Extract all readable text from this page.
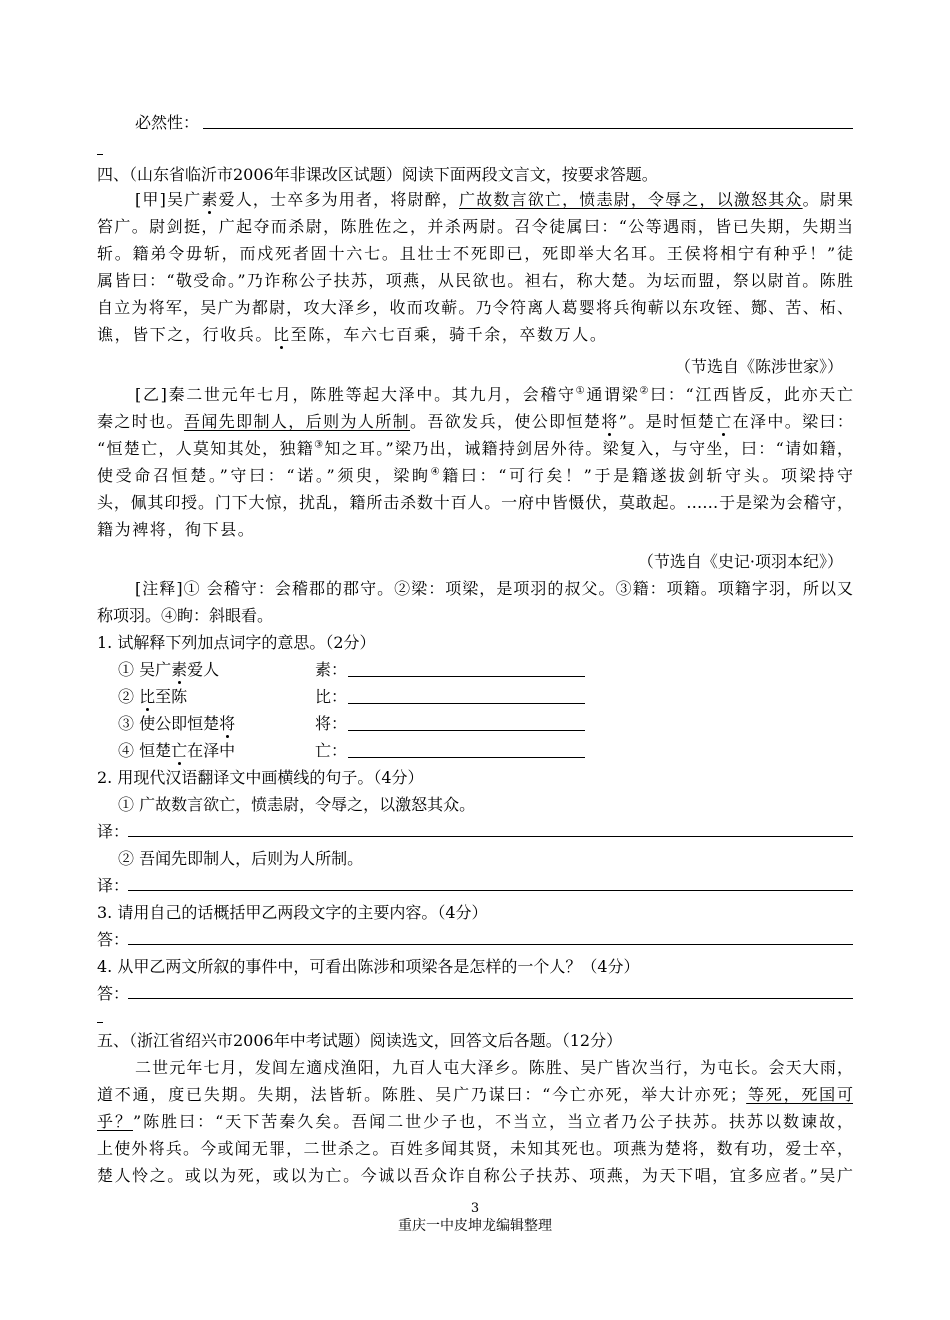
必然性：
四、（山东省临沂市2006年非课改区试题）阅读下面两段文言文，按要求答题。
[甲]吴广素爱人，士卒多为用者，将尉醉，广故数言欲亡，愤恚尉，令辱之，以激怒其众。尉果
笞广。尉剑挺，广起夺而杀尉，陈胜佐之，并杀两尉。召令徒属曰：“公等遇雨，皆已失期，失期当
斩。籍弟令毋斩，而戍死者固十六七。且壮士不死即已，死即举大名耳。王侯将相宁有种乎！”徒
属皆曰：“敬受命。”乃诈称公子扶苏，项燕，从民欲也。袒右，称大楚。为坛而盟，祭以尉首。陈胜
自立为将军，吴广为都尉，攻大泽乡，收而攻蕲。乃令符离人葛婴将兵徇蕲以东攻铚、酂、苦、柘、
谯，皆下之，行收兵。比至陈，车六七百乘，骑千余，卒数万人。
（节选自《陈涉世家》）
[乙]秦二世元年七月，陈胜等起大泽中。其九月，会稽守①通谓梁②曰：“江西皆反，此亦天亡
秦之时也。吾闻先即制人，后则为人所制。吾欲发兵，使公即恒楚将”。是时恒楚亡在泽中。梁曰：
“恒楚亡，人莫知其处，独籍③知之耳。”梁乃出，诫籍持剑居外待。梁复入，与守坐，曰：“请如籍，
使受命召恒楚。”守曰：“诺。”须臾，梁眴④籍曰：“可行矣！”于是籍遂拔剑斩守头。项梁持守
头，佩其印授。门下大惊，扰乱，籍所击杀数十百人。一府中皆慑伏，莫敢起。……于是梁为会稽守，
籍为裨将，徇下县。
（节选自《史记·项羽本纪》）
[注释]① 会稽守：会稽郡的郡守。②梁：项梁，是项羽的叔父。③籍：项籍。项籍字羽，所以又
称项羽。④眴：斜眼看。
1. 试解释下列加点词字的意思。（2分）
① 吴广素爱人	素：
② 比至陈	比：
③ 使公即恒楚将	将：
④ 恒楚亡在泽中	亡：
2. 用现代汉语翻译文中画横线的句子。（4分）
① 广故数言欲亡，愤恚尉，令辱之，以激怒其众。
译：
② 吾闻先即制人，后则为人所制。
译：
3. 请用自己的话概括甲乙两段文字的主要内容。（4分）
答：
4. 从甲乙两文所叙的事件中，可看出陈涉和项梁各是怎样的一个人？（4分）
答：
五、（浙江省绍兴市2006年中考试题）阅读选文，回答文后各题。（12分）
二世元年七月，发闾左適戍渔阳，九百人屯大泽乡。陈胜、吴广皆次当行，为屯长。会天大雨，
道不通，度已失期。失期，法皆斩。陈胜、吴广乃谋曰：“今亡亦死，举大计亦死；等死，死国可
乎？”陈胜曰：“天下苦秦久矣。吾闻二世少子也，不当立，当立者乃公子扶苏。扶苏以数谏故，
上使外将兵。今或闻无罪，二世杀之。百姓多闻其贤，未知其死也。项燕为楚将，数有功，爱士卒，
楚人怜之。或以为死，或以为亡。今诚以吾众诈自称公子扶苏、项燕，为天下唱，宜多应者。”吴广
3
重庆一中皮坤龙编辑整理
